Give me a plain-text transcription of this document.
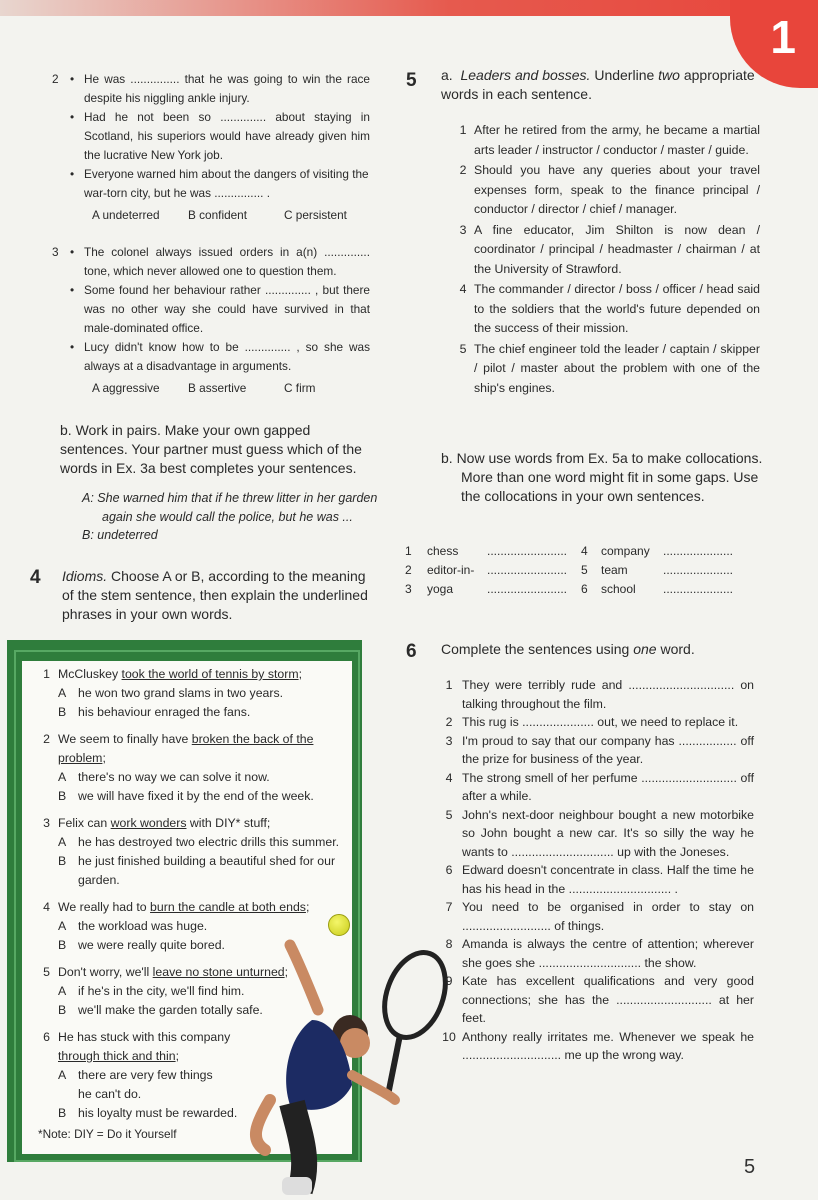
1
2 • He was ............... that he was going to win the race despite his niggling ankle injury.
• Had he not been so .............. about staying in Scotland, his superiors would have already given him the lucrative New York job.
• Everyone warned him about the dangers of visiting the war-torn city, but he was ............... .
A undeterred	B confident	C persistent
3 • The colonel always issued orders in a(n) .............. tone, which never allowed one to question them.
• Some found her behaviour rather .............. , but there was no other way she could have survived in that male-dominated office.
• Lucy didn't know how to be .............. , so she was always at a disadvantage in arguments.
A aggressive	B assertive	C firm
b. Work in pairs. Make your own gapped sentences. Your partner must guess which of the words in Ex. 3a best completes your sentences.
A: She warned him that if he threw litter in her garden again she would call the police, but he was ...
B: undeterred
4 Idioms. Choose A or B, according to the meaning of the stem sentence, then explain the underlined phrases in your own words.
1 McCluskey took the world of tennis by storm;
A he won two grand slams in two years.
B his behaviour enraged the fans.
2 We seem to finally have broken the back of the problem;
A there's no way we can solve it now.
B we will have fixed it by the end of the week.
3 Felix can work wonders with DIY* stuff;
A he has destroyed two electric drills this summer.
B he just finished building a beautiful shed for our garden.
4 We really had to burn the candle at both ends;
A the workload was huge.
B we were really quite bored.
5 Don't worry, we'll leave no stone unturned;
A if he's in the city, we'll find him.
B we'll make the garden totally safe.
6 He has stuck with this company through thick and thin;
A there are very few things he can't do.
B his loyalty must be rewarded.
*Note: DIY = Do it Yourself
5 a. Leaders and bosses. Underline two appropriate words in each sentence.
1 After he retired from the army, he became a martial arts leader / instructor / conductor / master / guide.
2 Should you have any queries about your travel expenses form, speak to the finance principal / conductor / director / chief / manager.
3 A fine educator, Jim Shilton is now dean / coordinator / principal / headmaster / chairman / at the University of Strawford.
4 The commander / director / boss / officer / head said to the soldiers that the world's future depended on the success of their mission.
5 The chief engineer told the leader / captain / skipper / pilot / master about the problem with one of the ship's engines.
b. Now use words from Ex. 5a to make collocations. More than one word might fit in some gaps. Use the collocations in your own sentences.
1	chess	........................	4	company	.....................
2	editor-in-	........................	5	team	.....................
3	yoga	........................	6	school	.....................
6 Complete the sentences using one word.
1 They were terribly rude and ............................... on talking throughout the film.
2 This rug is ..................... out, we need to replace it.
3 I'm proud to say that our company has ................. off the prize for business of the year.
4 The strong smell of her perfume ............................ off after a while.
5 John's next-door neighbour bought a new motorbike so John bought a new car. It's so silly the way he wants to .............................. up with the Joneses.
6 Edward doesn't concentrate in class. Half the time he has his head in the .............................. .
7 You need to be organised in order to stay on .......................... of things.
8 Amanda is always the centre of attention; wherever she goes she .............................. the show.
9 Kate has excellent qualifications and very good connections; she has the ............................ at her feet.
10 Anthony really irritates me. Whenever we speak he ............................. me up the wrong way.
5
